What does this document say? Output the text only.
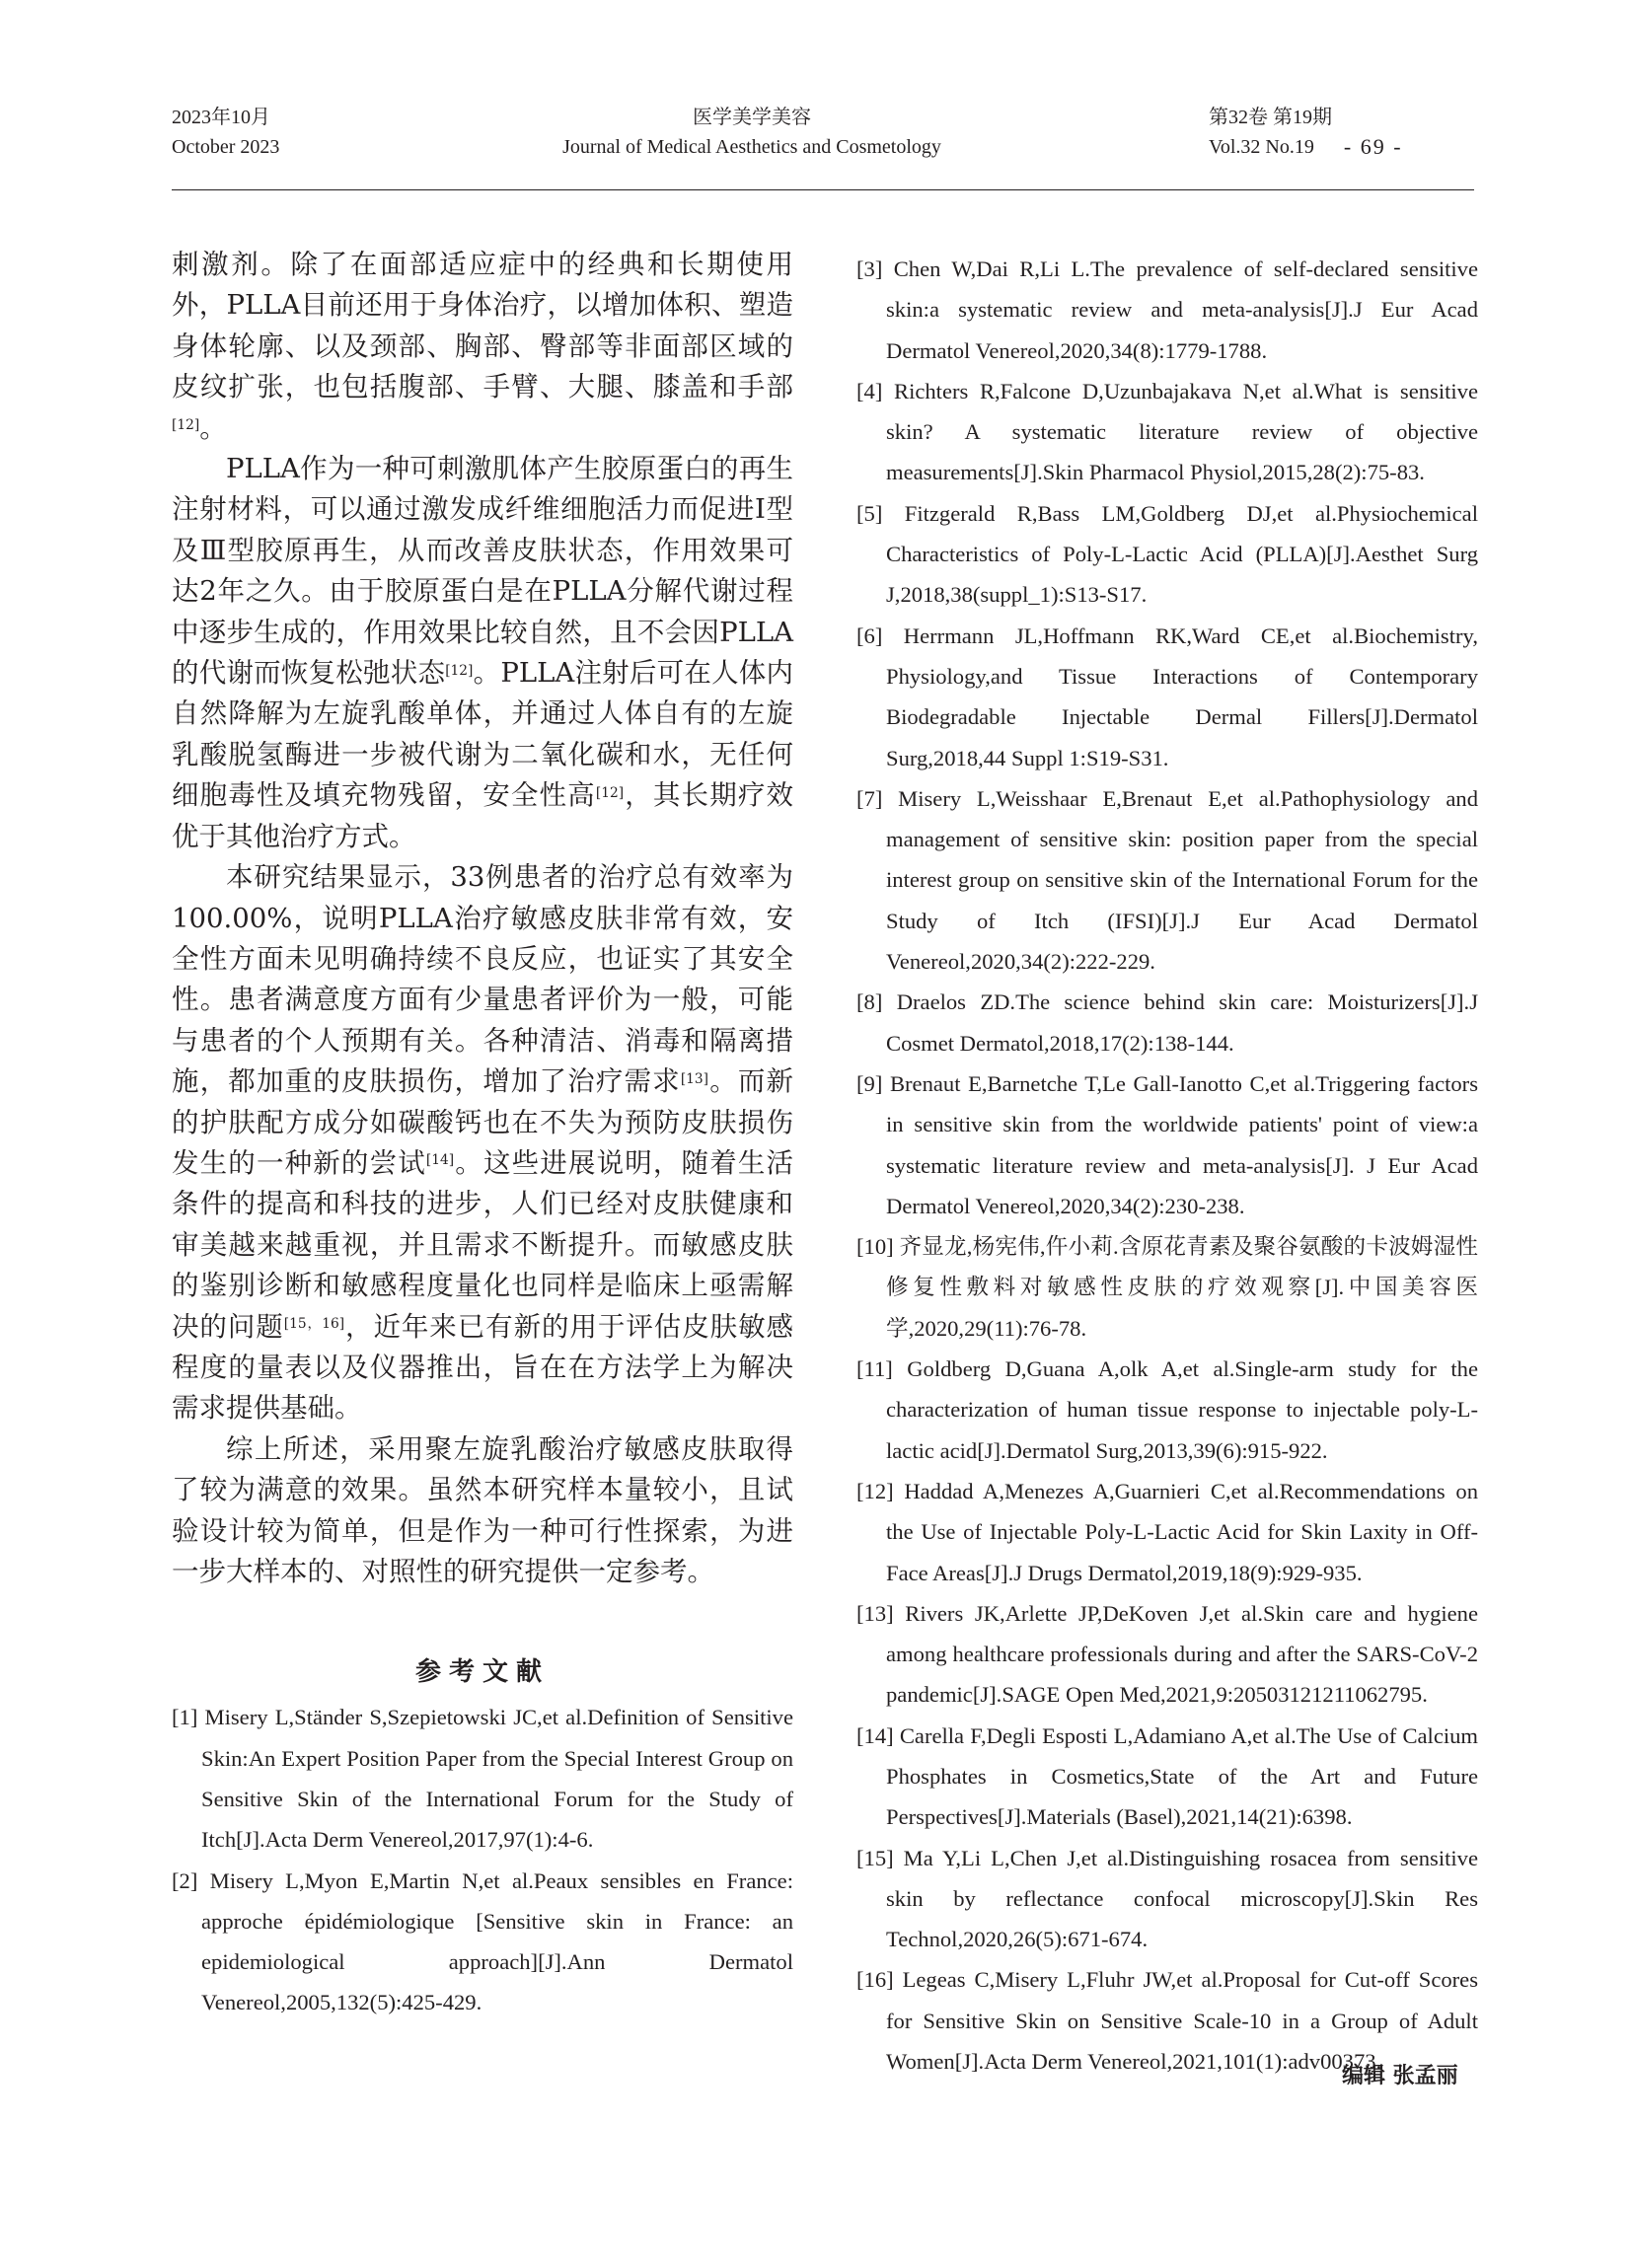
2023年10月
October 2023
医学美学美容
Journal of Medical Aesthetics and Cosmetology
第32卷 第19期
Vol.32 No.19 - 69 -

刺激剂。除了在面部适应症中的经典和长期使用外，PLLA目前还用于身体治疗，以增加体积、塑造身体轮廓、以及颈部、胸部、臀部等非面部区域的皮纹扩张，也包括腹部、手臂、大腿、膝盖和手部[12]。

PLLA作为一种可刺激肌体产生胶原蛋白的再生注射材料，可以通过激发成纤维细胞活力而促进Ⅰ型及Ⅲ型胶原再生，从而改善皮肤状态，作用效果可达2年之久。由于胶原蛋白是在PLLA分解代谢过程中逐步生成的，作用效果比较自然，且不会因PLLA的代谢而恢复松弛状态[12]。PLLA注射后可在人体内自然降解为左旋乳酸单体，并通过人体自有的左旋乳酸脱氢酶进一步被代谢为二氧化碳和水，无任何细胞毒性及填充物残留，安全性高[12]，其长期疗效优于其他治疗方式。

本研究结果显示，33例患者的治疗总有效率为100.00%，说明PLLA治疗敏感皮肤非常有效，安全性方面未见明确持续不良反应，也证实了其安全性。患者满意度方面有少量患者评价为一般，可能与患者的个人预期有关。各种清洁、消毒和隔离措施，都加重的皮肤损伤，增加了治疗需求[13]。而新的护肤配方成分如碳酸钙也在不失为预防皮肤损伤发生的一种新的尝试[14]。这些进展说明，随着生活条件的提高和科技的进步，人们已经对皮肤健康和审美越来越重视，并且需求不断提升。而敏感皮肤的鉴别诊断和敏感程度量化也同样是临床上亟需解决的问题[15，16]，近年来已有新的用于评估皮肤敏感程度的量表以及仪器推出，旨在在方法学上为解决需求提供基础。

综上所述，采用聚左旋乳酸治疗敏感皮肤取得了较为满意的效果。虽然本研究样本量较小，且试验设计较为简单，但是作为一种可行性探索，为进一步大样本的、对照性的研究提供一定参考。

参考文献

[1] Misery L,Ständer S,Szepietowski JC,et al.Definition of Sensitive Skin:An Expert Position Paper from the Special Interest Group on Sensitive Skin of the International Forum for the Study of Itch[J].Acta Derm Venereol,2017,97(1):4-6.

[2] Misery L,Myon E,Martin N,et al.Peaux sensibles en France: approche épidémiologique [Sensitive skin in France: an epidemiological approach][J].Ann Dermatol Venereol,2005,132(5):425-429.

[3] Chen W,Dai R,Li L.The prevalence of self-declared sensitive skin:a systematic review and meta-analysis[J].J Eur Acad Dermatol Venereol,2020,34(8):1779-1788.

[4] Richters R,Falcone D,Uzunbajakava N,et al.What is sensitive skin? A systematic literature review of objective measurements[J].Skin Pharmacol Physiol,2015,28(2):75-83.

[5] Fitzgerald R,Bass LM,Goldberg DJ,et al.Physiochemical Characteristics of Poly-L-Lactic Acid (PLLA)[J].Aesthet Surg J,2018,38(suppl_1):S13-S17.

[6] Herrmann JL,Hoffmann RK,Ward CE,et al.Biochemistry, Physiology,and Tissue Interactions of Contemporary Biodegradable Injectable Dermal Fillers[J].Dermatol Surg,2018,44 Suppl 1:S19-S31.

[7] Misery L,Weisshaar E,Brenaut E,et al.Pathophysiology and management of sensitive skin: position paper from the special interest group on sensitive skin of the International Forum for the Study of Itch (IFSI)[J].J Eur Acad Dermatol Venereol,2020,34(2):222-229.

[8] Draelos ZD.The science behind skin care: Moisturizers[J].J Cosmet Dermatol,2018,17(2):138-144.

[9] Brenaut E,Barnetche T,Le Gall-Ianotto C,et al.Triggering factors in sensitive skin from the worldwide patients' point of view:a systematic literature review and meta-analysis[J]. J Eur Acad Dermatol Venereol,2020,34(2):230-238.

[10] 齐显龙,杨宪伟,仵小莉.含原花青素及聚谷氨酸的卡波姆湿性修复性敷料对敏感性皮肤的疗效观察[J].中国美容医学,2020,29(11):76-78.

[11] Goldberg D,Guana A,olk A,et al.Single-arm study for the characterization of human tissue response to injectable poly-L-lactic acid[J].Dermatol Surg,2013,39(6):915-922.

[12] Haddad A,Menezes A,Guarnieri C,et al.Recommendations on the Use of Injectable Poly-L-Lactic Acid for Skin Laxity in Off-Face Areas[J].J Drugs Dermatol,2019,18(9):929-935.

[13] Rivers JK,Arlette JP,DeKoven J,et al.Skin care and hygiene among healthcare professionals during and after the SARS-CoV-2 pandemic[J].SAGE Open Med,2021,9:20503121211062795.

[14] Carella F,Degli Esposti L,Adamiano A,et al.The Use of Calcium Phosphates in Cosmetics,State of the Art and Future Perspectives[J].Materials (Basel),2021,14(21):6398.

[15] Ma Y,Li L,Chen J,et al.Distinguishing rosacea from sensitive skin by reflectance confocal microscopy[J].Skin Res Technol,2020,26(5):671-674.

[16] Legeas C,Misery L,Fluhr JW,et al.Proposal for Cut-off Scores for Sensitive Skin on Sensitive Scale-10 in a Group of Adult Women[J].Acta Derm Venereol,2021,101(1):adv00373.

编辑 张孟丽
